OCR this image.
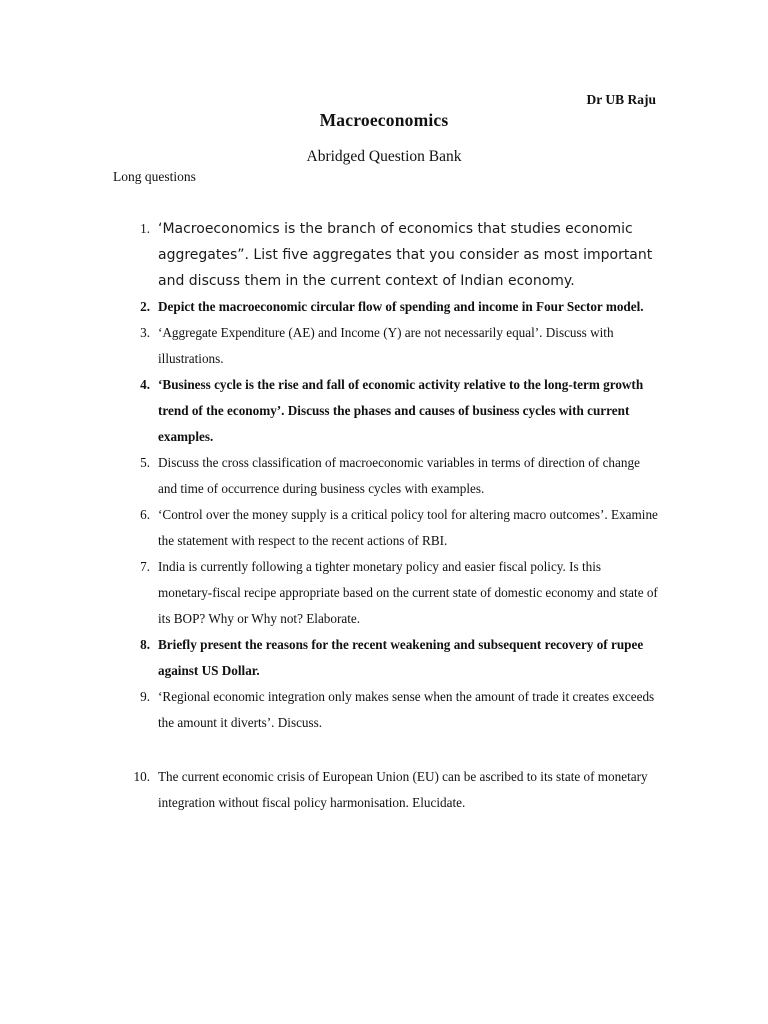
Dr UB Raju
Macroeconomics
Abridged Question Bank
Long questions
1. ‘Macroeconomics is the branch of economics that studies economic aggregates”. List five aggregates that you consider as most important and discuss them in the current context of Indian economy.
2. Depict the macroeconomic circular flow of spending and income in Four Sector model.
3. ‘Aggregate Expenditure (AE) and Income (Y) are not necessarily equal’. Discuss with illustrations.
4. ‘Business cycle is the rise and fall of economic activity relative to the long-term growth trend of the economy’. Discuss the phases and causes of business cycles with current examples.
5. Discuss the cross classification of macroeconomic variables in terms of direction of change and time of occurrence during business cycles with examples.
6. ‘Control over the money supply is a critical policy tool for altering macro outcomes’. Examine the statement with respect to the recent actions of RBI.
7. India is currently following a tighter monetary policy and easier fiscal policy. Is this monetary-fiscal recipe appropriate based on the current state of domestic economy and state of its BOP? Why or Why not? Elaborate.
8. Briefly present the reasons for the recent weakening and subsequent recovery of rupee against US Dollar.
9. ‘Regional economic integration only makes sense when the amount of trade it creates exceeds the amount it diverts’. Discuss.
10. The current economic crisis of European Union (EU) can be ascribed to its state of monetary integration without fiscal policy harmonisation. Elucidate.
